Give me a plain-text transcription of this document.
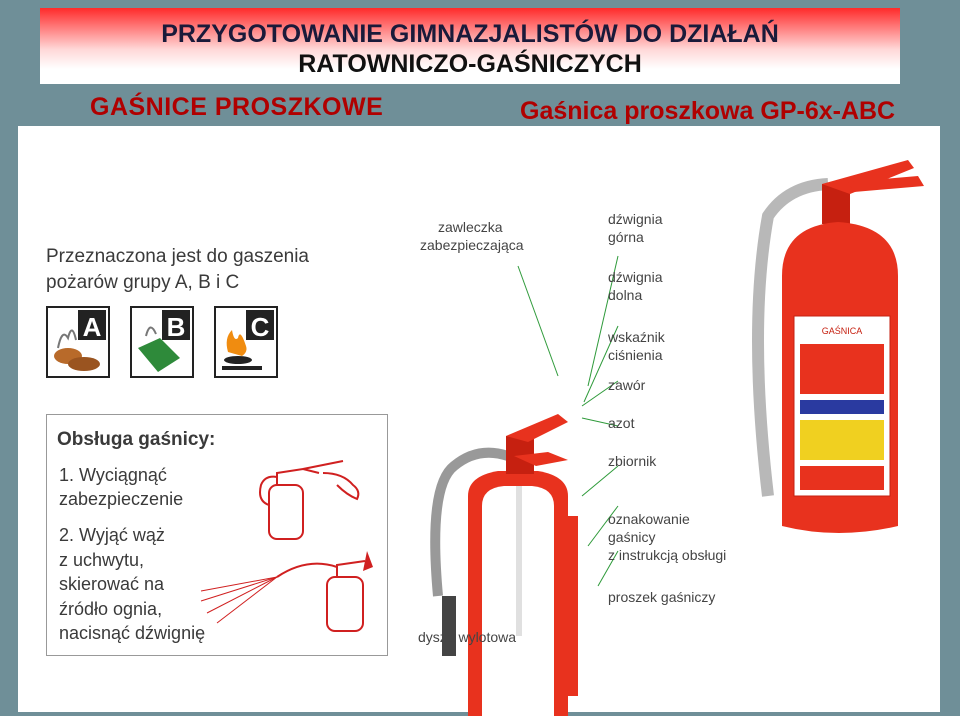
PRZYGOTOWANIE GIMNAZJALISTÓW DO DZIAŁAŃ
RATOWNICZO-GAŚNICZYCH
GAŚNICE PROSZKOWE	Gaśnica proszkowa GP-6x-ABC
Przeznaczona jest do gaszenia
pożarów grupy A, B i C
A	B	C
Obsługa gaśnicy:
1. Wyciągnąć
zabezpieczenie
2. Wyjąć wąż
z uchwytu,
skierować na
źródło ognia,
nacisnąć dźwignię
zawleczka
zabezpieczająca
dźwignia
górna
dźwignia
dolna
wskaźnik
ciśnienia
zawór
azot
zbiornik
oznakowanie
gaśnicy
z instrukcją obsługi
proszek gaśniczy
dysza wylotowa
GAŚNICA
